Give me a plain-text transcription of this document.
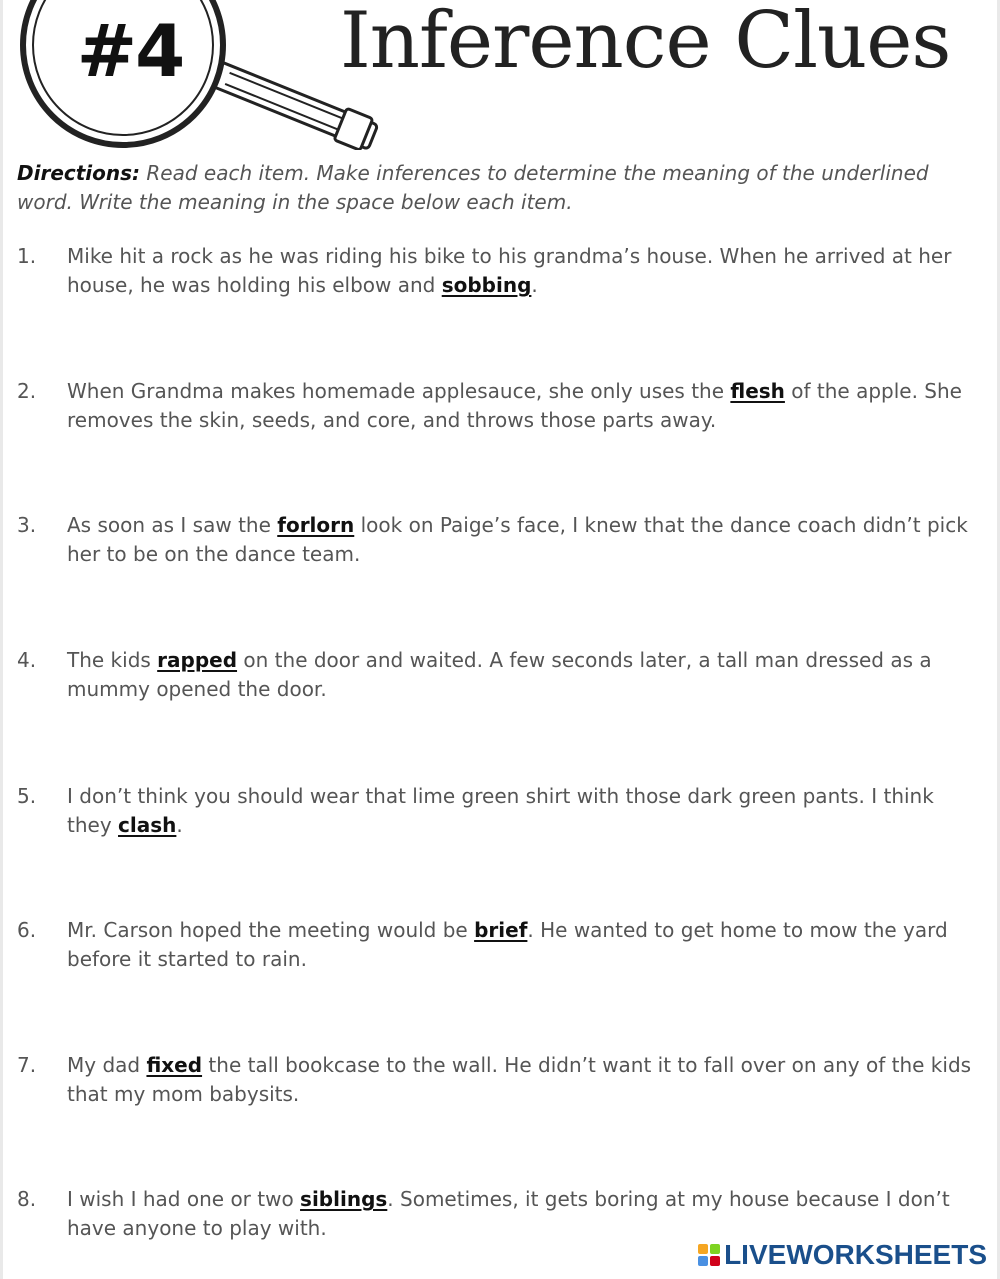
#4 Inference Clues
Directions: Read each item. Make inferences to determine the meaning of the underlined word. Write the meaning in the space below each item.
1.	Mike hit a rock as he was riding his bike to his grandma’s house. When he arrived at her house, he was holding his elbow and sobbing.
2.	When Grandma makes homemade applesauce, she only uses the flesh of the apple. She removes the skin, seeds, and core, and throws those parts away.
3.	As soon as I saw the forlorn look on Paige’s face, I knew that the dance coach didn’t pick her to be on the dance team.
4.	The kids rapped on the door and waited. A few seconds later, a tall man dressed as a mummy opened the door.
5.	I don’t think you should wear that lime green shirt with those dark green pants. I think they clash.
6.	Mr. Carson hoped the meeting would be brief. He wanted to get home to mow the yard before it started to rain.
7.	My dad fixed the tall bookcase to the wall. He didn’t want it to fall over on any of the kids that my mom babysits.
8.	I wish I had one or two siblings. Sometimes, it gets boring at my house because I don’t have anyone to play with.
LIVEWORKSHEETS
